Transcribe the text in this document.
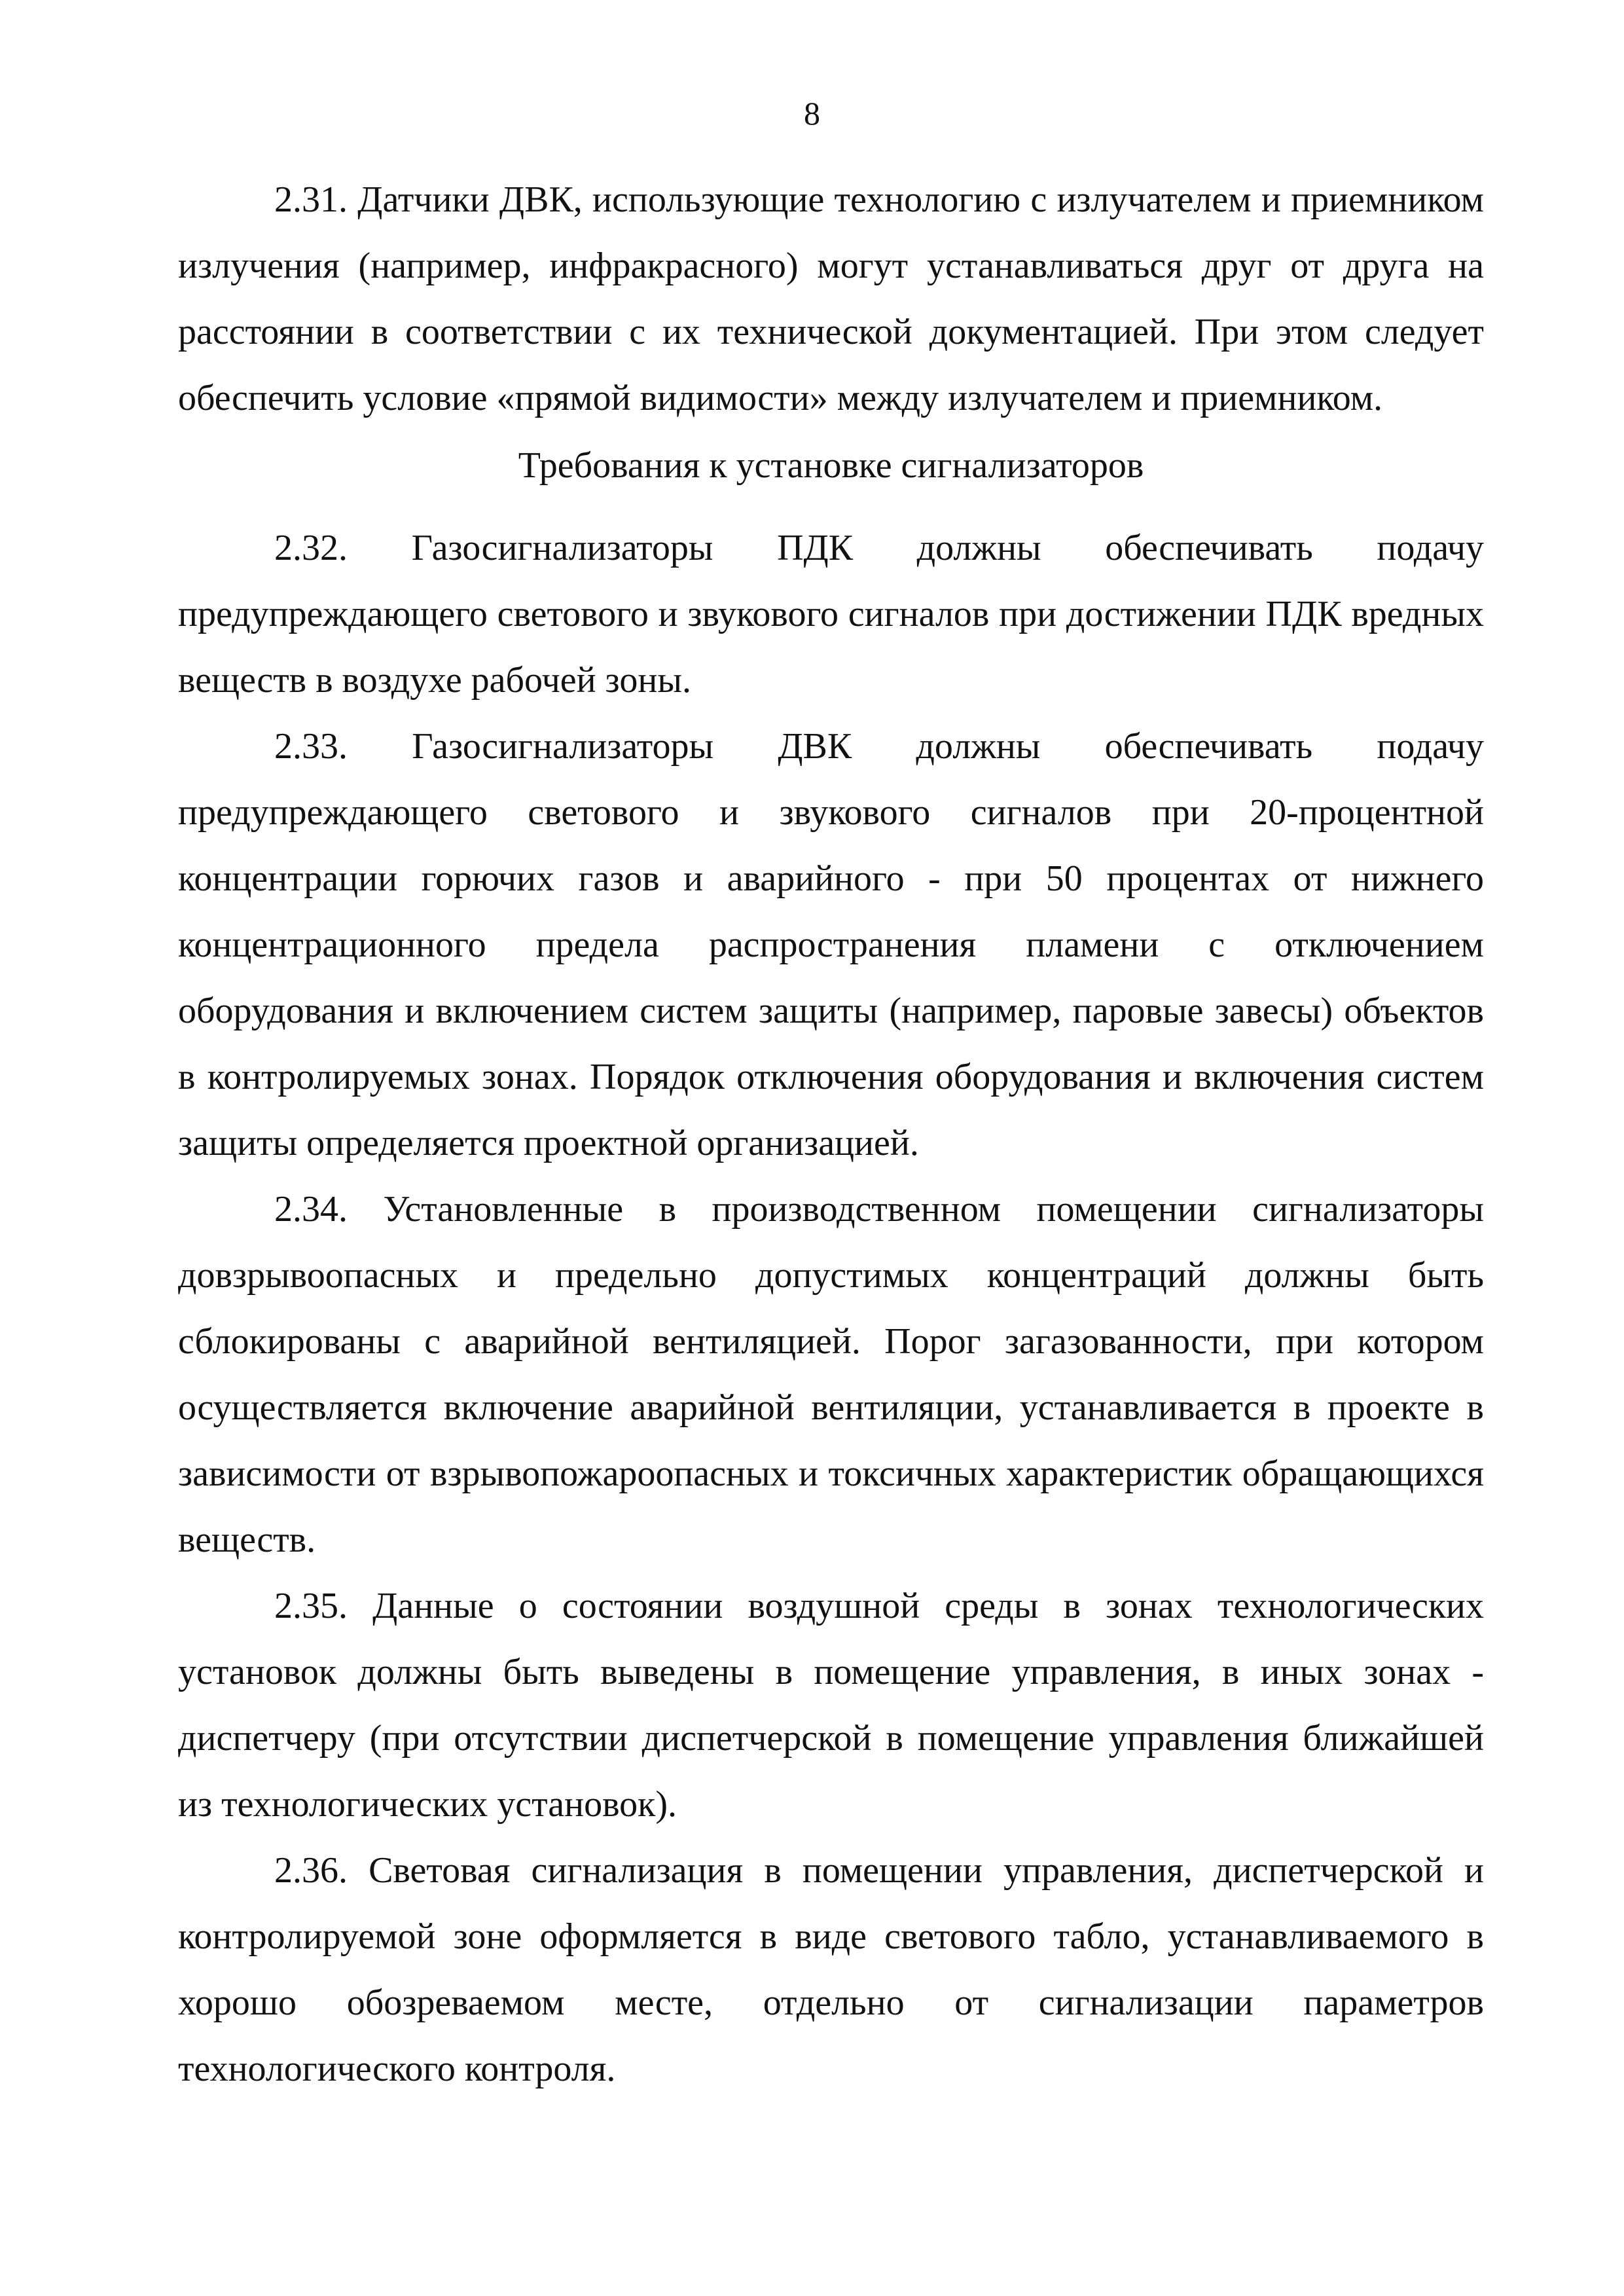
8

2.31. Датчики ДВК, использующие технологию с излучателем и приемником излучения (например, инфракрасного) могут устанавливаться друг от друга на расстоянии в соответствии с их технической документацией. При этом следует обеспечить условие «прямой видимости» между излучателем и приемником.

Требования к установке сигнализаторов

2.32. Газосигнализаторы ПДК должны обеспечивать подачу предупреждающего светового и звукового сигналов при достижении ПДК вредных веществ в воздухе рабочей зоны.

2.33. Газосигнализаторы ДВК должны обеспечивать подачу предупреждающего светового и звукового сигналов при 20-процентной концентрации горючих газов и аварийного - при 50 процентах от нижнего концентрационного предела распространения пламени с отключением оборудования и включением систем защиты (например, паровые завесы) объектов в контролируемых зонах. Порядок отключения оборудования и включения систем защиты определяется проектной организацией.

2.34. Установленные в производственном помещении сигнализаторы довзрывоопасных и предельно допустимых концентраций должны быть сблокированы с аварийной вентиляцией. Порог загазованности, при котором осуществляется включение аварийной вентиляции, устанавливается в проекте в зависимости от взрывопожароопасных и токсичных характеристик обращающихся веществ.

2.35. Данные о состоянии воздушной среды в зонах технологических установок должны быть выведены в помещение управления, в иных зонах - диспетчеру (при отсутствии диспетчерской в помещение управления ближайшей из технологических установок).

2.36. Световая сигнализация в помещении управления, диспетчерской и контролируемой зоне оформляется в виде светового табло, устанавливаемого в хорошо обозреваемом месте, отдельно от сигнализации параметров технологического контроля.
